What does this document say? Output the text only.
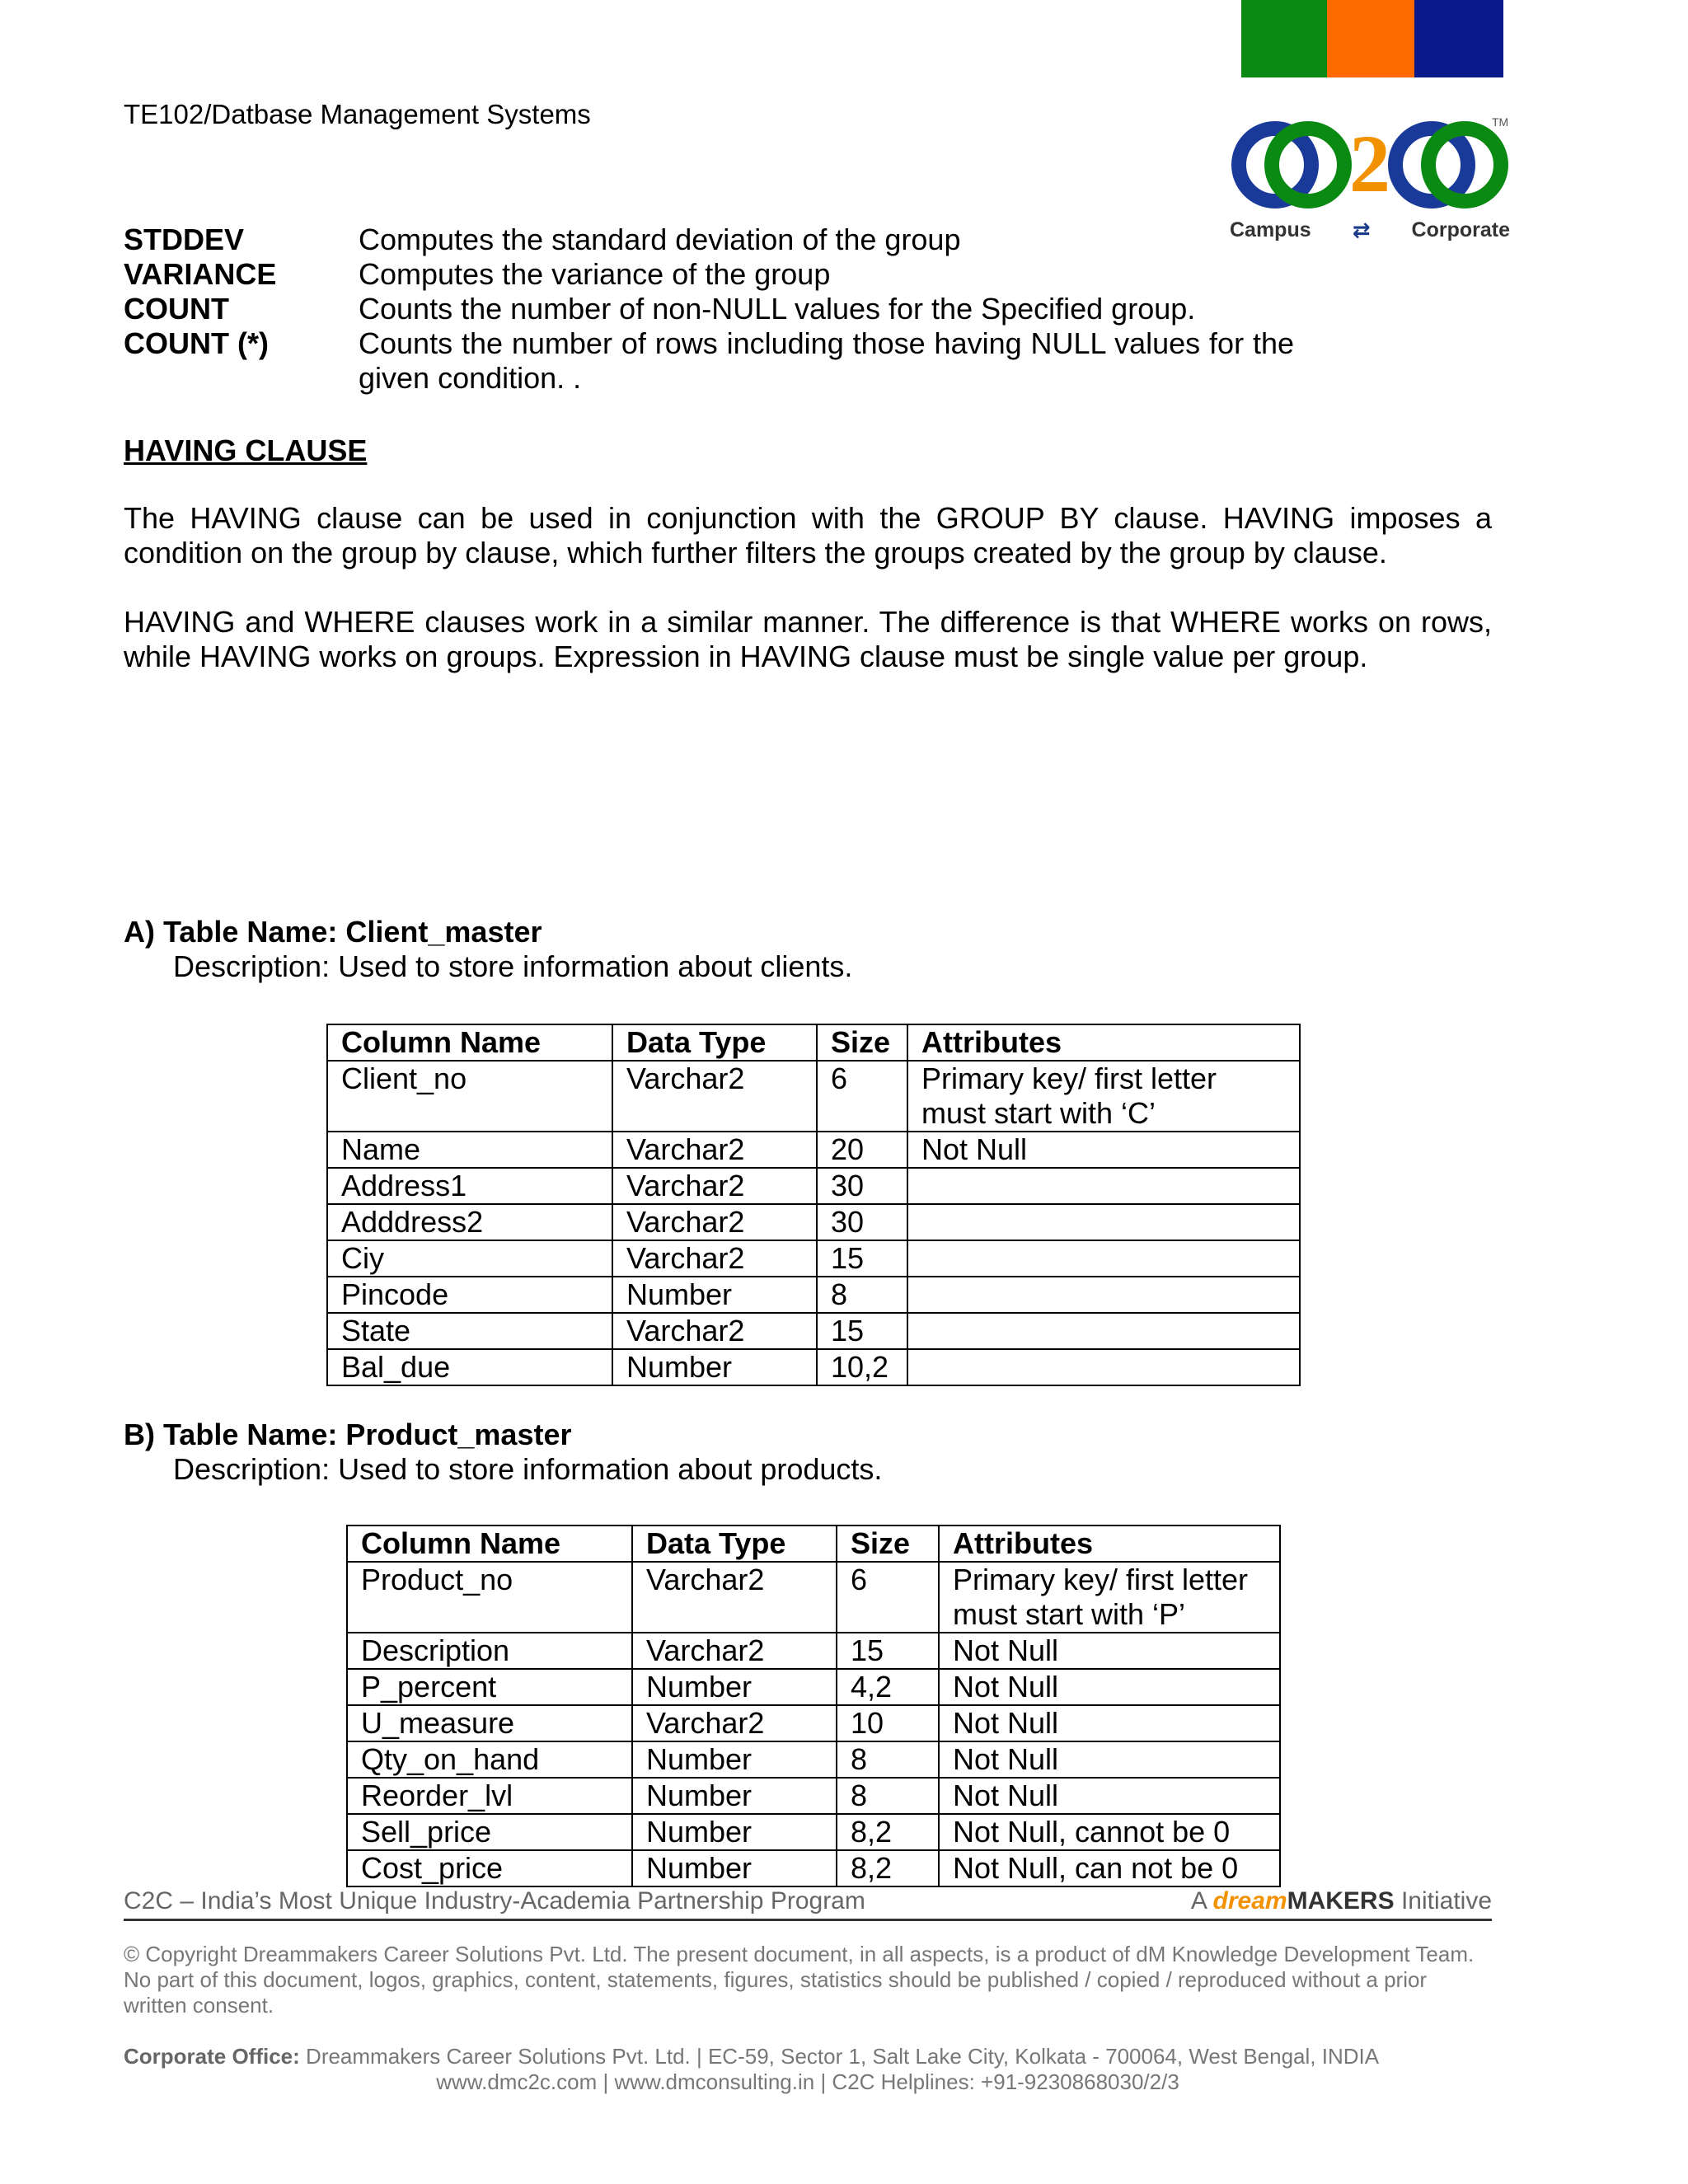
2	TM
Campus	⇄	Corporate
TE102/Datbase Management Systems
STDDEV	Computes the standard deviation of the group
VARIANCE	Computes the variance of the group
COUNT	Counts the number of non-NULL values for the Specified group.
COUNT (*)	Counts the number of rows including those having NULL values for the given condition. .
HAVING CLAUSE
The HAVING clause can be used in conjunction with the GROUP BY clause. HAVING imposes a condition on the group by clause, which further filters the groups created by the group by clause.
HAVING and WHERE clauses work in a similar manner. The difference is that WHERE works on rows, while HAVING works on groups. Expression in HAVING clause must be single value per group.
A) Table Name: Client_master
Description: Used to store information about clients.
Column Name	Data Type	Size	Attributes
Client_no	Varchar2	6	Primary key/ first letter must start with ‘C’
Name	Varchar2	20	Not Null
Address1	Varchar2	30	
Adddress2	Varchar2	30	
Ciy	Varchar2	15	
Pincode	Number	8	
State	Varchar2	15	
Bal_due	Number	10,2	
B) Table Name: Product_master
Description: Used to store information about products.
Column Name	Data Type	Size	Attributes
Product_no	Varchar2	6	Primary key/ first letter must start with ‘P’
Description	Varchar2	15	Not Null
P_percent	Number	4,2	Not Null
U_measure	Varchar2	10	Not Null
Qty_on_hand	Number	8	Not Null
Reorder_lvl	Number	8	Not Null
Sell_price	Number	8,2	Not Null, cannot be 0
Cost_price	Number	8,2	Not Null, can not be 0
C2C – India’s Most Unique Industry-Academia Partnership Program	A dreamMAKERS Initiative
© Copyright Dreammakers Career Solutions Pvt. Ltd. The present document, in all aspects, is a product of dM Knowledge Development Team. No part of this document, logos, graphics, content, statements, figures, statistics should be published / copied / reproduced without a prior written consent.
Corporate Office: Dreammakers Career Solutions Pvt. Ltd. | EC-59, Sector 1, Salt Lake City, Kolkata - 700064, West Bengal, INDIA
www.dmc2c.com | www.dmconsulting.in | C2C Helplines: +91-9230868030/2/3
